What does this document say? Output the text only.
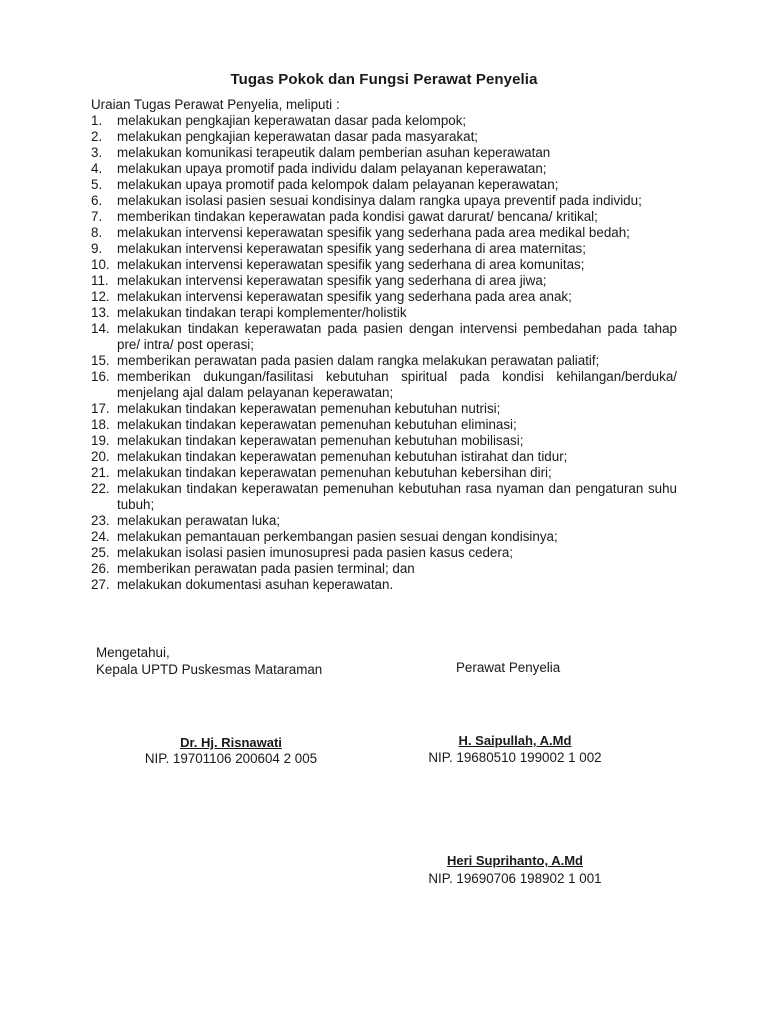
Tugas Pokok dan Fungsi Perawat Penyelia
Uraian Tugas Perawat Penyelia, meliputi :
1.	melakukan pengkajian keperawatan dasar pada kelompok;
2.	melakukan pengkajian keperawatan dasar pada masyarakat;
3.	melakukan komunikasi terapeutik dalam pemberian asuhan keperawatan
4.	melakukan upaya promotif pada individu dalam pelayanan keperawatan;
5.	melakukan upaya promotif pada kelompok dalam pelayanan keperawatan;
6.	melakukan isolasi pasien sesuai kondisinya dalam rangka upaya preventif pada individu;
7.	memberikan tindakan keperawatan pada kondisi gawat darurat/ bencana/ kritikal;
8.	melakukan intervensi keperawatan spesifik yang sederhana pada area medikal bedah;
9.	melakukan intervensi keperawatan spesifik yang sederhana di area maternitas;
10. melakukan intervensi keperawatan spesifik yang sederhana di area komunitas;
11. melakukan intervensi keperawatan spesifik yang sederhana di area jiwa;
12. melakukan intervensi keperawatan spesifik yang sederhana pada area anak;
13. melakukan tindakan terapi komplementer/holistik
14. melakukan tindakan keperawatan pada pasien dengan intervensi pembedahan pada tahap pre/ intra/ post operasi;
15. memberikan perawatan pada pasien dalam rangka melakukan perawatan paliatif;
16. memberikan dukungan/fasilitasi kebutuhan spiritual pada kondisi kehilangan/berduka/ menjelang ajal dalam pelayanan keperawatan;
17. melakukan tindakan keperawatan pemenuhan kebutuhan nutrisi;
18. melakukan tindakan keperawatan pemenuhan kebutuhan eliminasi;
19. melakukan tindakan keperawatan pemenuhan kebutuhan mobilisasi;
20. melakukan tindakan keperawatan pemenuhan kebutuhan istirahat dan tidur;
21. melakukan tindakan keperawatan pemenuhan kebutuhan kebersihan diri;
22. melakukan tindakan keperawatan pemenuhan kebutuhan rasa nyaman dan pengaturan suhu tubuh;
23. melakukan perawatan luka;
24. melakukan pemantauan perkembangan pasien sesuai dengan kondisinya;
25. melakukan isolasi pasien imunosupresi pada pasien kasus cedera;
26. memberikan perawatan pada pasien terminal; dan
27. melakukan dokumentasi asuhan keperawatan.
Mengetahui,
Kepala UPTD Puskesmas Mataraman	Perawat Penyelia
Dr. Hj. Risnawati
NIP. 19701106 200604 2 005
H. Saipullah, A.Md
NIP. 19680510 199002 1 002
Heri Suprihanto, A.Md
NIP. 19690706 198902 1 001
